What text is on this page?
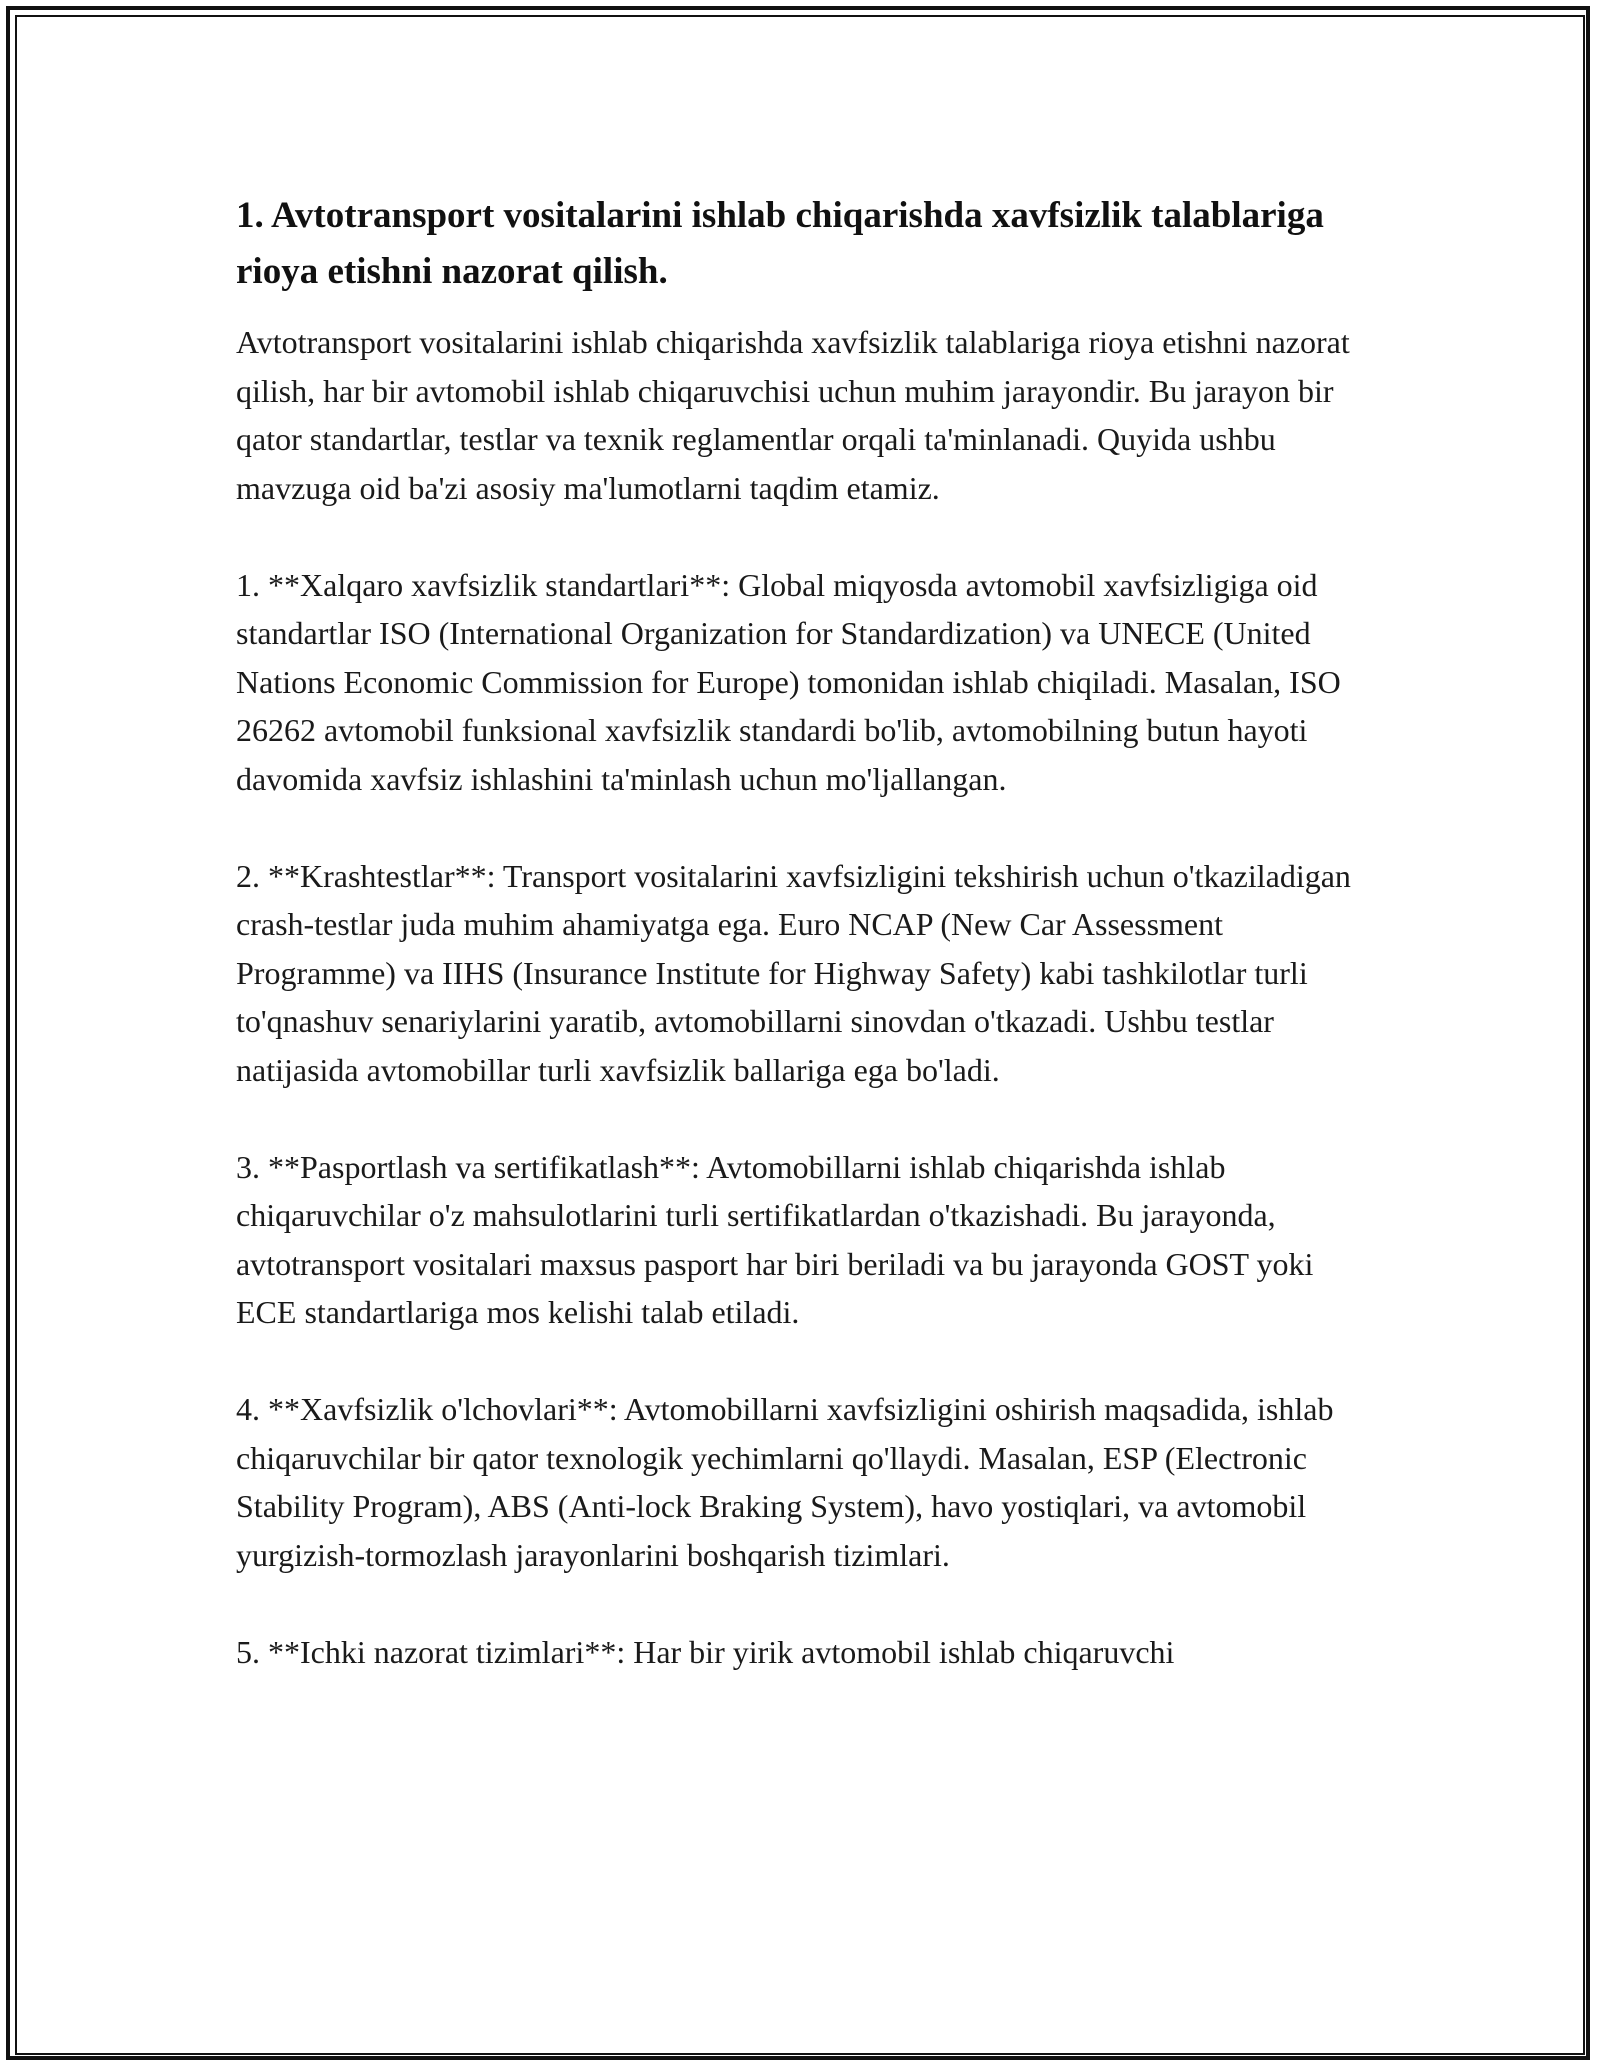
1. Avtotransport vositalarini ishlab chiqarishda xavfsizlik talablariga rioya etishni nazorat qilish.

Avtotransport vositalarini ishlab chiqarishda xavfsizlik talablariga rioya etishni nazorat qilish, har bir avtomobil ishlab chiqaruvchisi uchun muhim jarayondir. Bu jarayon bir qator standartlar, testlar va texnik reglamentlar orqali ta'minlanadi. Quyida ushbu mavzuga oid ba'zi asosiy ma'lumotlarni taqdim etamiz.

1. **Xalqaro xavfsizlik standartlari**: Global miqyosda avtomobil xavfsizligiga oid standartlar ISO (International Organization for Standardization) va UNECE (United Nations Economic Commission for Europe) tomonidan ishlab chiqiladi. Masalan, ISO 26262 avtomobil funksional xavfsizlik standardi bo'lib, avtomobilning butun hayoti davomida xavfsiz ishlashini ta'minlash uchun mo'ljallangan.

2. **Krashtestlar**: Transport vositalarini xavfsizligini tekshirish uchun o'tkaziladigan crash-testlar juda muhim ahamiyatga ega. Euro NCAP (New Car Assessment Programme) va IIHS (Insurance Institute for Highway Safety) kabi tashkilotlar turli to'qnashuv senariylarini yaratib, avtomobillarni sinovdan o'tkazadi. Ushbu testlar natijasida avtomobillar turli xavfsizlik ballariga ega bo'ladi.

3. **Pasportlash va sertifikatlash**: Avtomobillarni ishlab chiqarishda ishlab chiqaruvchilar o'z mahsulotlarini turli sertifikatlardan o'tkazishadi. Bu jarayonda, avtotransport vositalari maxsus pasport har biri beriladi va bu jarayonda GOST yoki ECE standartlariga mos kelishi talab etiladi.

4. **Xavfsizlik o'lchovlari**: Avtomobillarni xavfsizligini oshirish maqsadida, ishlab chiqaruvchilar bir qator texnologik yechimlarni qo'llaydi. Masalan, ESP (Electronic Stability Program), ABS (Anti-lock Braking System), havo yostiqlari, va avtomobil yurgizish-tormozlash jarayonlarini boshqarish tizimlari.

5. **Ichki nazorat tizimlari**: Har bir yirik avtomobil ishlab chiqaruvchi
